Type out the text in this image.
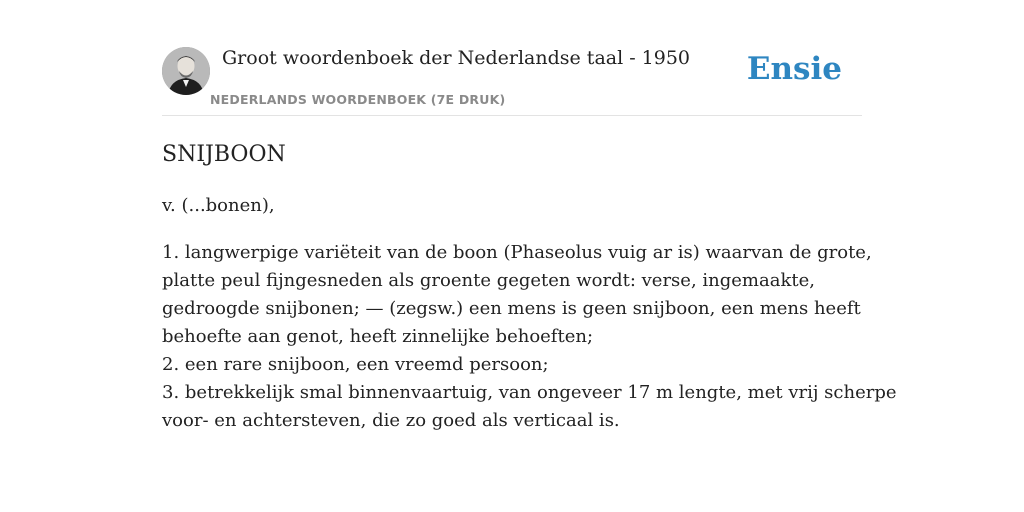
Groot woordenboek der Nederlandse taal - 1950
NEDERLANDS WOORDENBOEK (7E DRUK)
Ensie
SNIJBOON

v. (...bonen),

1. langwerpige variëteit van de boon (Phaseolus vuig ar is) waarvan de grote,
platte peul fijngesneden als groente gegeten wordt: verse, ingemaakte,
gedroogde snijbonen; — (zegsw.) een mens is geen snijboon, een mens heeft
behoefte aan genot, heeft zinnelijke behoeften;
2. een rare snijboon, een vreemd persoon;
3. betrekkelijk smal binnenvaartuig, van ongeveer 17 m lengte, met vrij scherpe
voor- en achtersteven, die zo goed als verticaal is.
